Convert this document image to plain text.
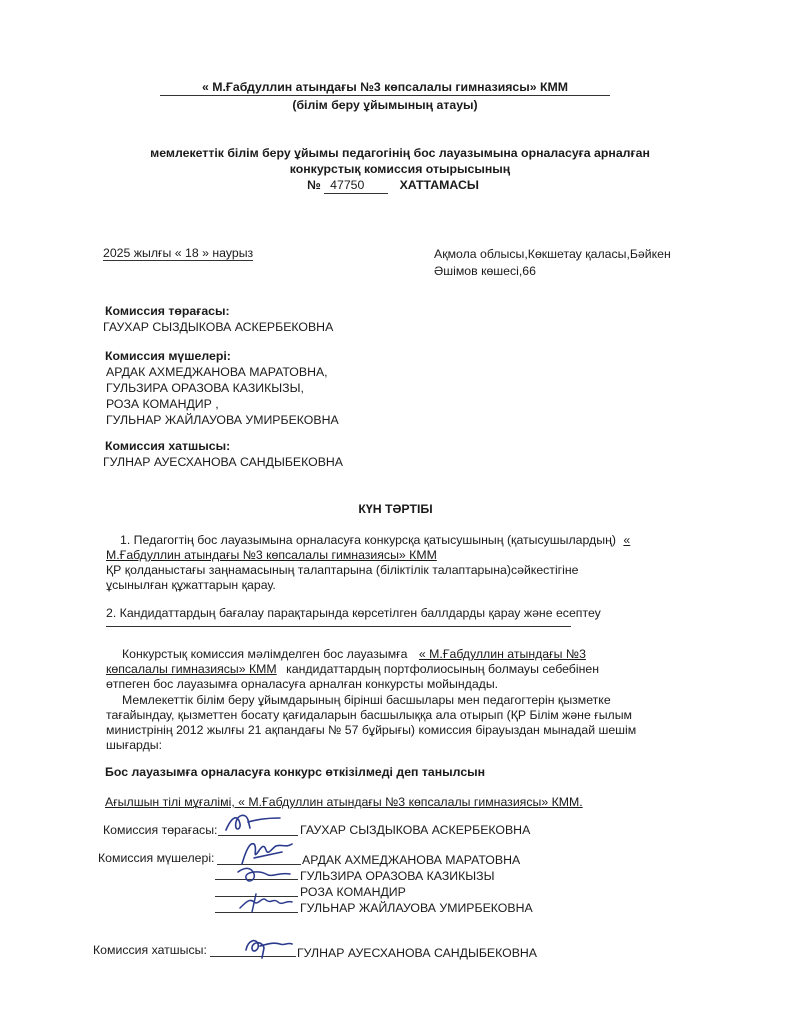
« М.Ғабдуллин атындағы №3 көпсалалы гимназиясы» КММ
(білім беру ұйымының атауы)
мемлекеттік білім беру ұйымы педагогінің бос лауазымына орналасуға арналған
конкурстық комиссия отырысының
№ 47750	ХАТТАМАСЫ
2025 жылғы « 18 » наурыз	Ақмола облысы,Көкшетау қаласы,Бәйкен
Әшімов көшесі,66
Комиссия төрағасы:
ГАУХАР СЫЗДЫКОВА АСКЕРБЕКОВНА
Комиссия мүшелері:
АРДАК АХМЕДЖАНОВА МАРАТОВНА,
ГУЛЬЗИРА ОРАЗОВА КАЗИКЫЗЫ,
РОЗА КОМАНДИР ,
ГУЛЬНАР ЖАЙЛАУОВА УМИРБЕКОВНА
Комиссия хатшысы:
ГУЛНАР АУЕСХАНОВА САНДЫБЕКОВНА
КҮН ТӘРТІБІ
1. Педагогтің бос лауазымына орналасуға конкурсқа қатысушының (қатысушылардың) «
М.Ғабдуллин атындағы №3 көпсалалы гимназиясы» КММ
ҚР қолданыстағы заңнамасының талаптарына (біліктілік талаптарына)сәйкестігіне
ұсынылған құжаттарын қарау.
2. Кандидаттардың бағалау парақтарында көрсетілген баллдарды қарау және есептеу
Конкурстық комиссия мәлімделген бос лауазымға « М.Ғабдуллин атындағы №3
көпсалалы гимназиясы» КММ кандидаттардың портфолиосының болмауы себебінен
өтпеген бос лауазымға орналасуға арналған конкурсты мойындады.
Мемлекеттік білім беру ұйымдарының бірінші басшылары мен педагогтерін қызметке
тағайындау, қызметтен босату қағидаларын басшылыққа ала отырып (ҚР Білім және ғылым
министрінің 2012 жылғы 21 ақпандағы № 57 бұйрығы) комиссия бірауыздан мынадай шешім
шығарды:
Бос лауазымға орналасуға конкурс өткізілмеді деп танылсын
Ағылшын тілі мұғалімі, « М.Ғабдуллин атындағы №3 көпсалалы гимназиясы» КММ.
Комиссия төрағасы:	ГАУХАР СЫЗДЫКОВА АСКЕРБЕКОВНА
Комиссия мүшелері:	АРДАК АХМЕДЖАНОВА МАРАТОВНА
ГУЛЬЗИРА ОРАЗОВА КАЗИКЫЗЫ
РОЗА КОМАНДИР
ГУЛЬНАР ЖАЙЛАУОВА УМИРБЕКОВНА
Комиссия хатшысы:	ГУЛНАР АУЕСХАНОВА САНДЫБЕКОВНА
